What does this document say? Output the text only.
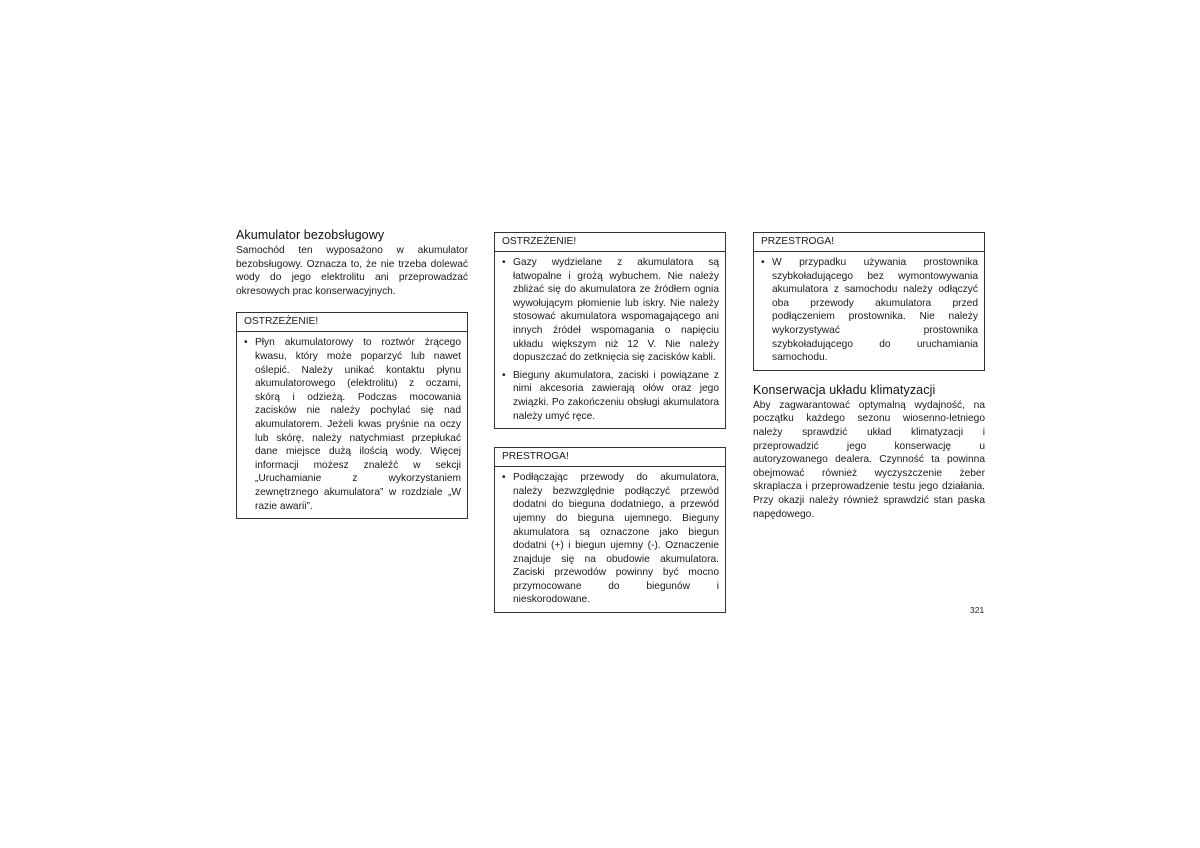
Akumulator bezobsługowy

Samochód ten wyposażono w akumulator bezobsługowy. Oznacza to, że nie trzeba dolewać wody do jego elektrolitu ani przeprowadzać okresowych prac konserwacyjnych.

OSTRZEŻENIE!
• Płyn akumulatorowy to roztwór żrącego kwasu, który może poparzyć lub nawet oślepić. Należy unikać kontaktu płynu akumulatorowego (elektrolitu) z oczami, skórą i odzieżą. Podczas mocowania zacisków nie należy pochylać się nad akumulatorem. Jeżeli kwas pryśnie na oczy lub skórę, należy natychmiast przepłukać dane miejsce dużą ilością wody. Więcej informacji możesz znaleźć w sekcji „Uruchamianie z wykorzystaniem zewnętrznego akumulatora” w rozdziale „W razie awarii”.
OSTRZEŻENIE!
• Gazy wydzielane z akumulatora są łatwopalne i grożą wybuchem. Nie należy zbliżać się do akumulatora ze źródłem ognia wywołującym płomienie lub iskry. Nie należy stosować akumulatora wspomagającego ani innych źródeł wspomagania o napięciu układu większym niż 12 V. Nie należy dopuszczać do zetknięcia się zacisków kabli.
• Bieguny akumulatora, zaciski i powiązane z nimi akcesoria zawierają ołów oraz jego związki. Po zakończeniu obsługi akumulatora należy umyć ręce.
PRESTROGA!
• Podłączając przewody do akumulatora, należy bezwzględnie podłączyć przewód dodatni do bieguna dodatniego, a przewód ujemny do bieguna ujemnego. Bieguny akumulatora są oznaczone jako biegun dodatni (+) i biegun ujemny (-). Oznaczenie znajduje się na obudowie akumulatora. Zaciski przewodów powinny być mocno przymocowane do biegunów i nieskorodowane.
PRZESTROGA!
• W przypadku używania prostownika szybkoładującego bez wymontowywania akumulatora z samochodu należy odłączyć oba przewody akumulatora przed podłączeniem prostownika. Nie należy wykorzystywać prostownika szybkoładującego do uruchamiania samochodu.
Konserwacja układu klimatyzacji

Aby zagwarantować optymalną wydajność, na początku każdego sezonu wiosenno-letniego należy sprawdzić układ klimatyzacji i przeprowadzić jego konserwację u autoryzowanego dealera. Czynność ta powinna obejmować również wyczyszczenie żeber skraplacza i przeprowadzenie testu jego działania. Przy okazji należy również sprawdzić stan paska napędowego.

321
